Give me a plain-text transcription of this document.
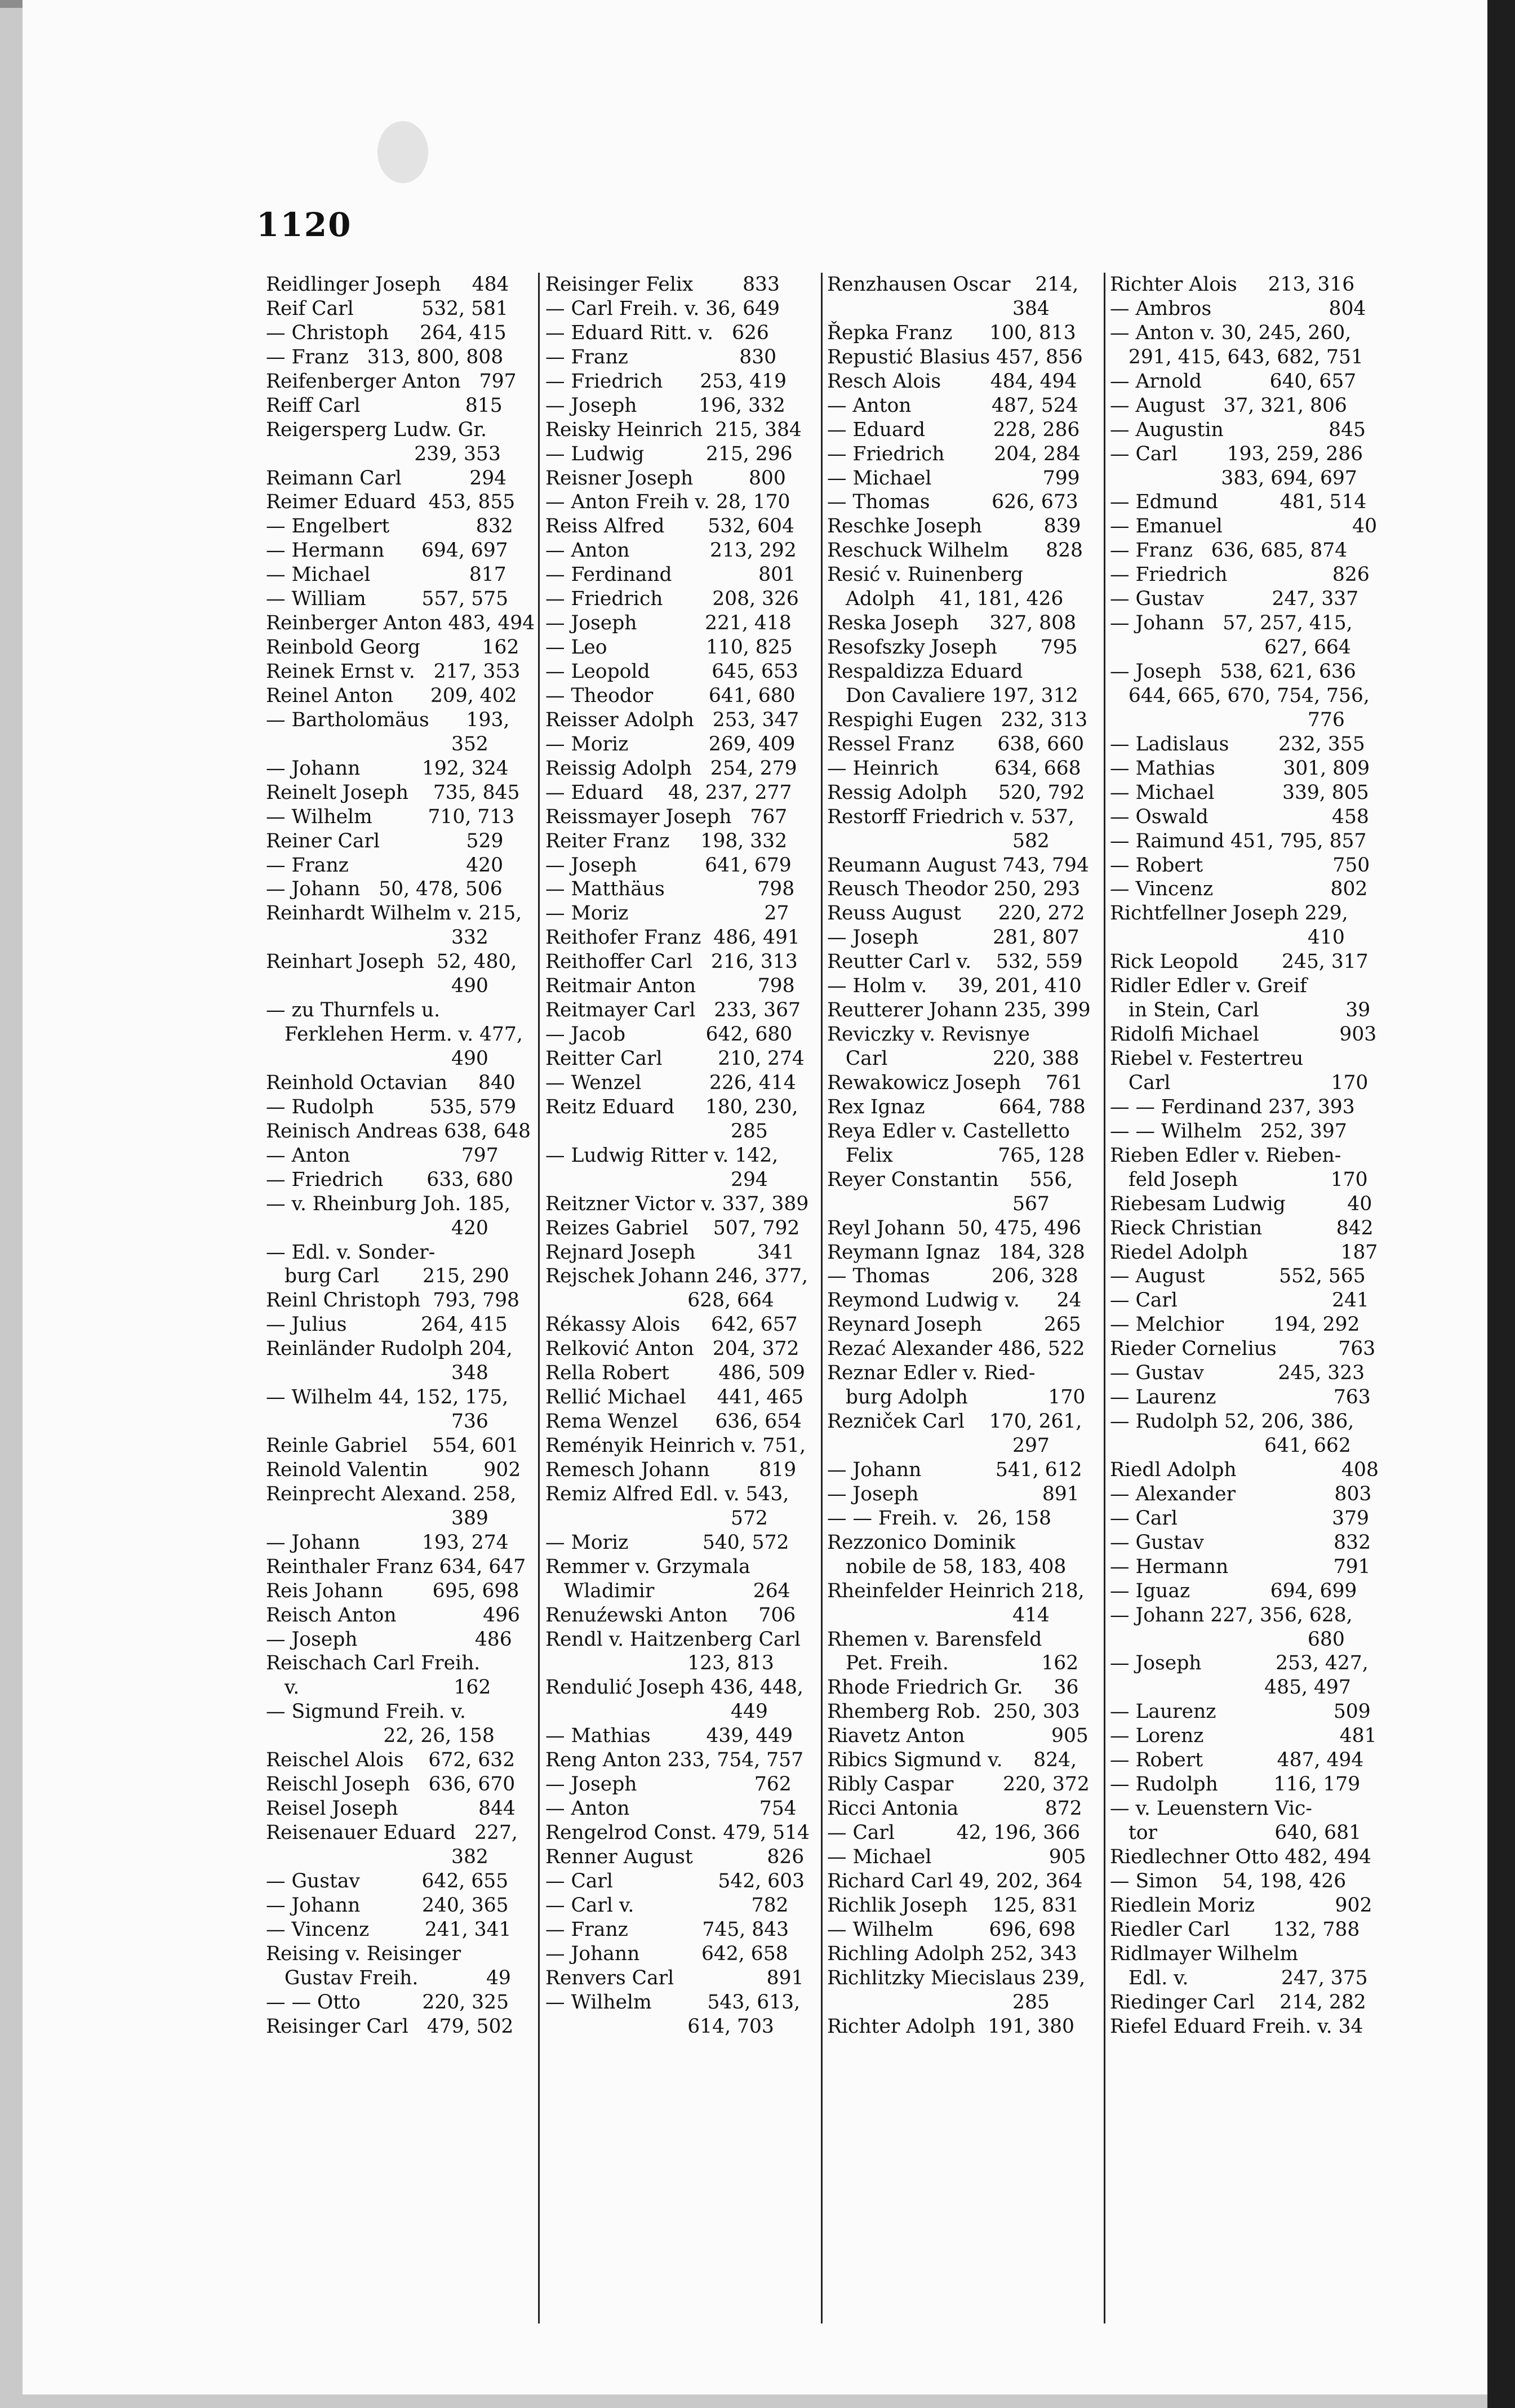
1120
Reidlinger Joseph     484
Reif Carl           532, 581
— Christoph     264, 415
— Franz   313, 800, 808
Reifenberger Anton   797
Reiff Carl                 815
Reigersperg Ludw. Gr.
239, 353
Reimann Carl           294
Reimer Eduard  453, 855
— Engelbert              832
— Hermann      694, 697
— Michael                817
— William         557, 575
Reinberger Anton 483, 494
Reinbold Georg          162
Reinek Ernst v.   217, 353
Reinel Anton      209, 402
— Bartholomäus      193,
352
— Johann          192, 324
Reinelt Joseph    735, 845
— Wilhelm         710, 713
Reiner Carl              529
— Franz                   420
— Johann   50, 478, 506
Reinhardt Wilhelm v. 215,
332
Reinhart Joseph  52, 480,
490
— zu Thurnfels u.
Ferklehen Herm. v. 477,
490
Reinhold Octavian     840
— Rudolph         535, 579
Reinisch Andreas 638, 648
— Anton                  797
— Friedrich       633, 680
— v. Rheinburg Joh. 185,
420
— Edl. v. Sonder-
burg Carl       215, 290
Reinl Christoph  793, 798
— Julius            264, 415
Reinländer Rudolph 204,
348
— Wilhelm 44, 152, 175,
736
Reinle Gabriel    554, 601
Reinold Valentin         902
Reinprecht Alexand. 258,
389
— Johann          193, 274
Reinthaler Franz 634, 647
Reis Johann        695, 698
Reisch Anton              496
— Joseph                   486
Reischach Carl Freih.
v.                         162
— Sigmund Freih. v.
22, 26, 158
Reischel Alois    672, 632
Reischl Joseph   636, 670
Reisel Joseph             844
Reisenauer Eduard   227,
382
— Gustav          642, 655
— Johann          240, 365
— Vincenz         241, 341
Reising v. Reisinger
Gustav Freih.           49
— — Otto          220, 325
Reisinger Carl   479, 502
Reisinger Felix        833
— Carl Freih. v. 36, 649
— Eduard Ritt. v.   626
— Franz                  830
— Friedrich      253, 419
— Joseph          196, 332
Reisky Heinrich  215, 384
— Ludwig          215, 296
Reisner Joseph         800
— Anton Freih v. 28, 170
Reiss Alfred       532, 604
— Anton             213, 292
— Ferdinand              801
— Friedrich        208, 326
— Joseph           221, 418
— Leo                110, 825
— Leopold          645, 653
— Theodor         641, 680
Reisser Adolph   253, 347
— Moriz             269, 409
Reissig Adolph   254, 279
— Eduard    48, 237, 277
Reissmayer Joseph   767
Reiter Franz     198, 332
— Joseph           641, 679
— Matthäus               798
— Moriz                      27
Reithofer Franz  486, 491
Reithoffer Carl   216, 313
Reitmair Anton          798
Reitmayer Carl   233, 367
— Jacob             642, 680
Reitter Carl         210, 274
— Wenzel           226, 414
Reitz Eduard     180, 230,
285
— Ludwig Ritter v. 142,
294
Reitzner Victor v. 337, 389
Reizes Gabriel    507, 792
Rejnard Joseph          341
Rejschek Johann 246, 377,
628, 664
Rékassy Alois     642, 657
Relković Anton   204, 372
Rella Robert        486, 509
Rellić Michael     441, 465
Rema Wenzel      636, 654
Reményik Heinrich v. 751,
Remesch Johann        819
Remiz Alfred Edl. v. 543,
572
— Moriz            540, 572
Remmer v. Grzymala
Wladimir                264
Renuźewski Anton     706
Rendl v. Haitzenberg Carl
123, 813
Rendulić Joseph 436, 448,
449
— Mathias         439, 449
Reng Anton 233, 754, 757
— Joseph                   762
— Anton                     754
Rengelrod Const. 479, 514
Renner August            826
— Carl                 542, 603
— Carl v.                   782
— Franz            745, 843
— Johann          642, 658
Renvers Carl               891
— Wilhelm         543, 613,
614, 703
Renzhausen Oscar    214,
384
Řepka Franz      100, 813
Repustić Blasius 457, 856
Resch Alois        484, 494
— Anton             487, 524
— Eduard           228, 286
— Friedrich        204, 284
— Michael                  799
— Thomas          626, 673
Reschke Joseph          839
Reschuck Wilhelm      828
Resić v. Ruinenberg
Adolph    41, 181, 426
Reska Joseph     327, 808
Resofszky Joseph       795
Respaldizza Eduard
Don Cavaliere 197, 312
Respighi Eugen   232, 313
Ressel Franz       638, 660
— Heinrich         634, 668
Ressig Adolph     520, 792
Restorff Friedrich v. 537,
582
Reumann August 743, 794
Reusch Theodor 250, 293
Reuss August      220, 272
— Joseph            281, 807
Reutter Carl v.    532, 559
— Holm v.     39, 201, 410
Reutterer Johann 235, 399
Reviczky v. Revisnye
Carl                 220, 388
Rewakowicz Joseph    761
Rex Ignaz            664, 788
Reya Edler v. Castelletto
Felix                 765, 128
Reyer Constantin     556,
567
Reyl Johann  50, 475, 496
Reymann Ignaz   184, 328
— Thomas          206, 328
Reymond Ludwig v.      24
Reynard Joseph          265
Rezać Alexander 486, 522
Reznar Edler v. Ried-
burg Adolph             170
Rezniček Carl    170, 261,
297
— Johann            541, 612
— Joseph                    891
— — Freih. v.   26, 158
Rezzonico Dominik
nobile de 58, 183, 408
Rheinfelder Heinrich 218,
414
Rhemen v. Barensfeld
Pet. Freih.               162
Rhode Friedrich Gr.     36
Rhemberg Rob.  250, 303
Riavetz Anton              905
Ribics Sigmund v.     824,
Ribly Caspar        220, 372
Ricci Antonia              872
— Carl          42, 196, 366
— Michael                   905
Richard Carl 49, 202, 364
Richlik Joseph    125, 831
— Wilhelm         696, 698
Richling Adolph 252, 343
Richlitzky Miecislaus 239,
285
Richter Adolph  191, 380
Richter Alois     213, 316
— Ambros                   804
— Anton v. 30, 245, 260,
291, 415, 643, 682, 751
— Arnold           640, 657
— August   37, 321, 806
— Augustin                 845
— Carl        193, 259, 286
383, 694, 697
— Edmund          481, 514
— Emanuel                     40
— Franz   636, 685, 874
— Friedrich                 826
— Gustav           247, 337
— Johann   57, 257, 415,
627, 664
— Joseph   538, 621, 636
644, 665, 670, 754, 756,
776
— Ladislaus        232, 355
— Mathias           301, 809
— Michael           339, 805
— Oswald                    458
— Raimund 451, 795, 857
— Robert                     750
— Vincenz                   802
Richtfellner Joseph 229,
410
Rick Leopold       245, 317
Ridler Edler v. Greif
in Stein, Carl              39
Ridolfi Michael             903
Riebel v. Festertreu
Carl                          170
— — Ferdinand 237, 393
— — Wilhelm   252, 397
Rieben Edler v. Rieben-
feld Joseph               170
Riebesam Ludwig          40
Rieck Christian            842
Riedel Adolph               187
— August            552, 565
— Carl                         241
— Melchior        194, 292
Rieder Cornelius          763
— Gustav            245, 323
— Laurenz                   763
— Rudolph 52, 206, 386,
641, 662
Riedl Adolph                 408
— Alexander                803
— Carl                         379
— Gustav                     832
— Hermann                 791
— Iguaz             694, 699
— Johann 227, 356, 628,
680
— Joseph            253, 427,
485, 497
— Laurenz                   509
— Lorenz                      481
— Robert            487, 494
— Rudolph         116, 179
— v. Leuenstern Vic-
tor                   640, 681
Riedlechner Otto 482, 494
— Simon    54, 198, 426
Riedlein Moriz             902
Riedler Carl       132, 788
Ridlmayer Wilhelm
Edl. v.               247, 375
Riedinger Carl    214, 282
Riefel Eduard Freih. v. 34
